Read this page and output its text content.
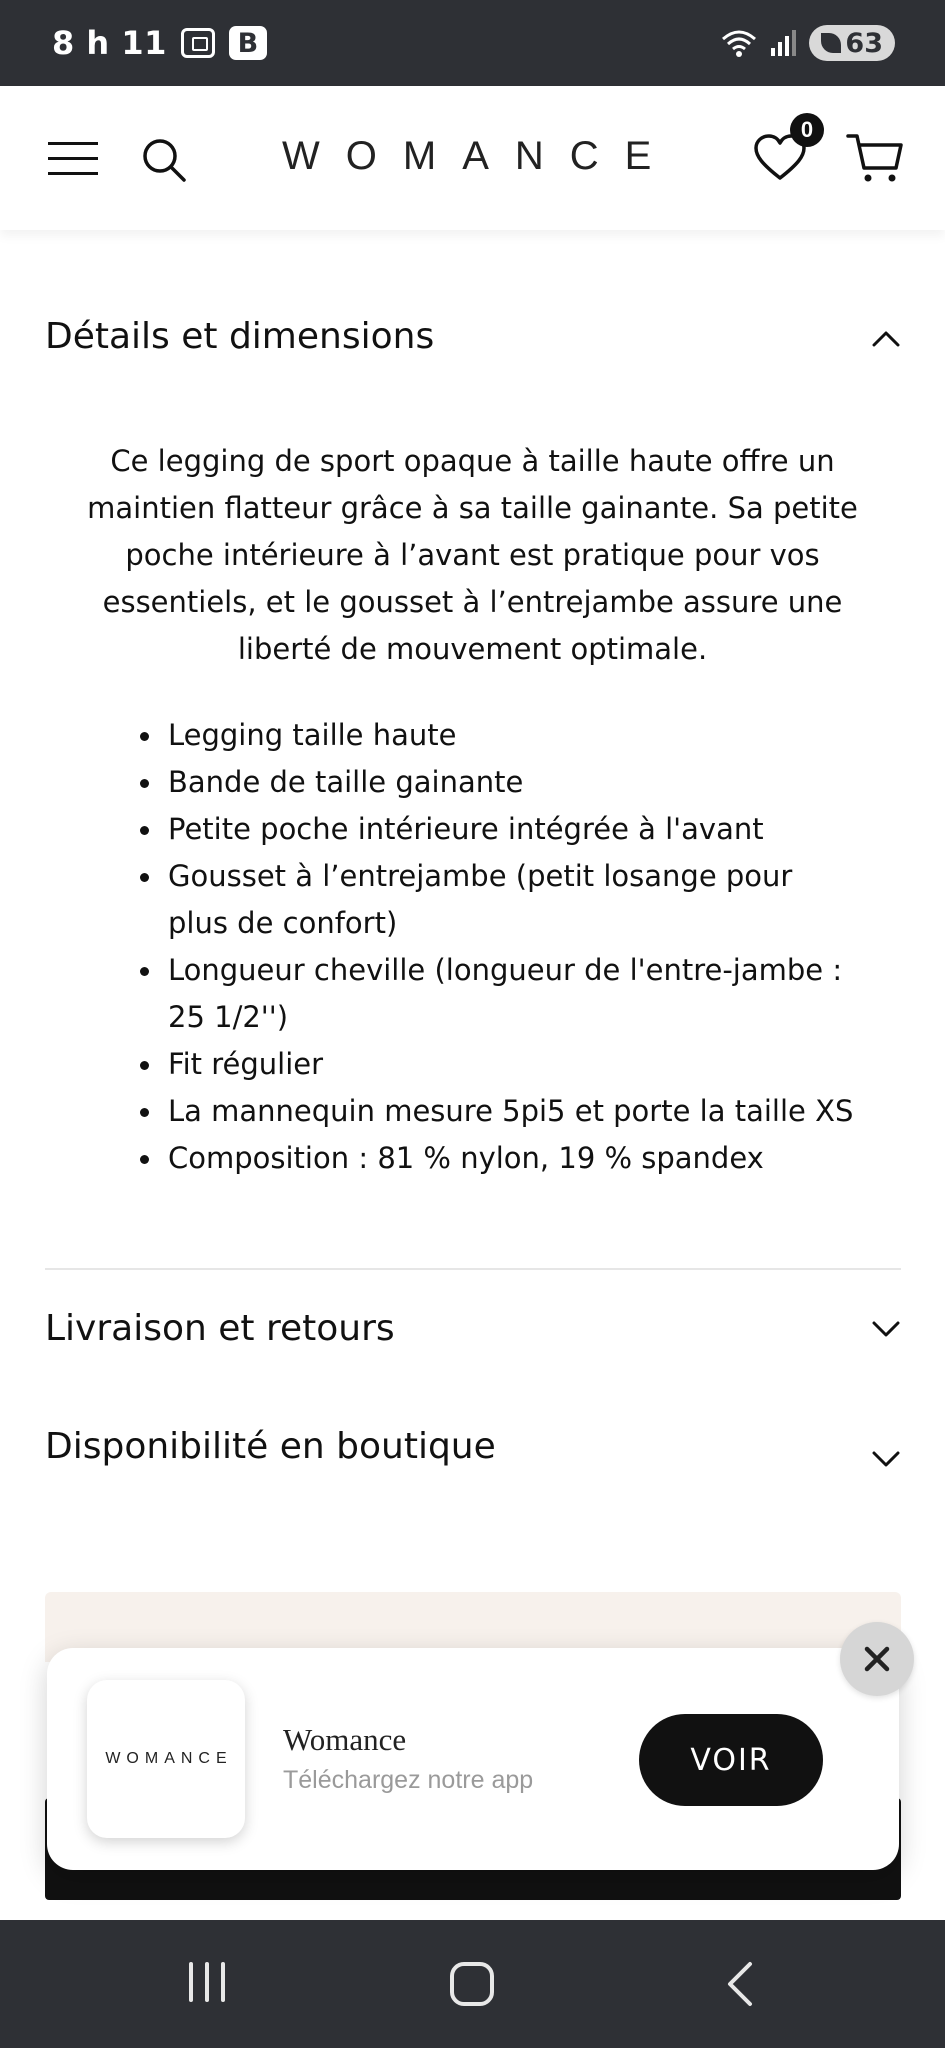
8 h 11	B	63
WOMANCE
0
Détails et dimensions

Ce legging de sport opaque à taille haute offre un maintien flatteur grâce à sa taille gainante. Sa petite poche intérieure à l’avant est pratique pour vos essentiels, et le gousset à l’entrejambe assure une liberté de mouvement optimale.

Legging taille haute
Bande de taille gainante
Petite poche intérieure intégrée à l'avant
Gousset à l’entrejambe (petit losange pour plus de confort)
Longueur cheville (longueur de l'entre-jambe : 25 1/2'')
Fit régulier
La mannequin mesure 5pi5 et porte la taille XS
Composition : 81 % nylon, 19 % spandex
Livraison et retours
Disponibilité en boutique
WOMANCE
Womance
Téléchargez notre app
VOIR
